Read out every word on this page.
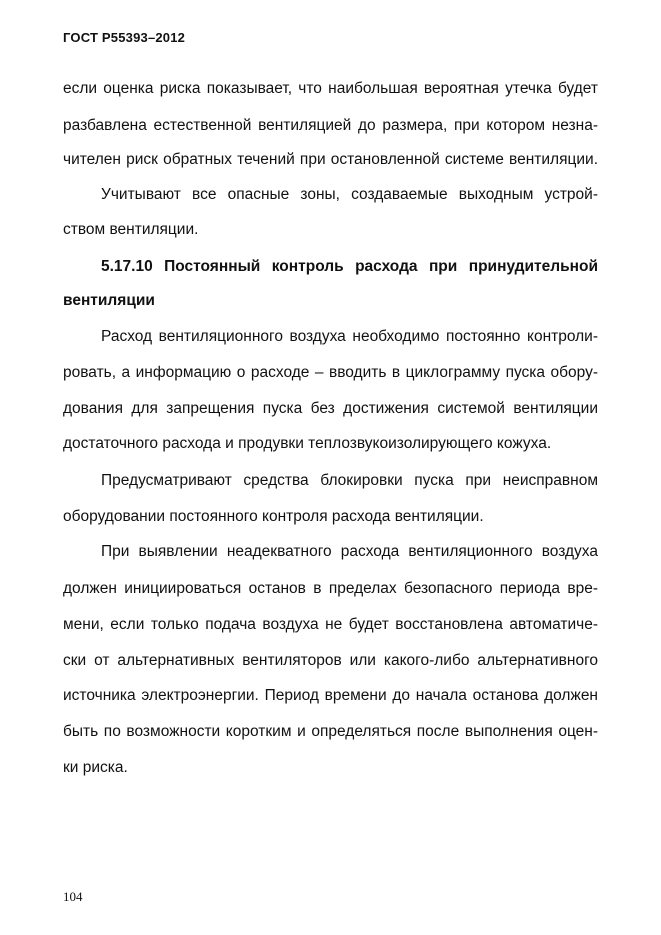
ГОСТ Р55393–2012
если оценка риска показывает, что наибольшая вероятная утечка будет
разбавлена естественной вентиляцией до размера, при котором незна-
чителен риск обратных течений при остановленной системе вентиляции.
Учитывают все опасные зоны, создаваемые выходным устрой-
ством вентиляции.
5.17.10 Постоянный контроль расхода при принудительной
вентиляции
Расход вентиляционного воздуха необходимо постоянно контроли-
ровать, а информацию о расходе – вводить в циклограмму пуска обору-
дования для запрещения пуска без достижения системой вентиляции
достаточного расхода и продувки теплозвукоизолирующего кожуха.
Предусматривают средства блокировки пуска при неисправном
оборудовании постоянного контроля расхода вентиляции.
При выявлении неадекватного расхода вентиляционного воздуха
должен инициироваться останов в пределах безопасного периода вре-
мени, если только подача воздуха не будет восстановлена автоматиче-
ски от альтернативных вентиляторов или какого-либо альтернативного
источника электроэнергии. Период времени до начала останова должен
быть по возможности коротким и определяться после выполнения оцен-
ки риска.
104
